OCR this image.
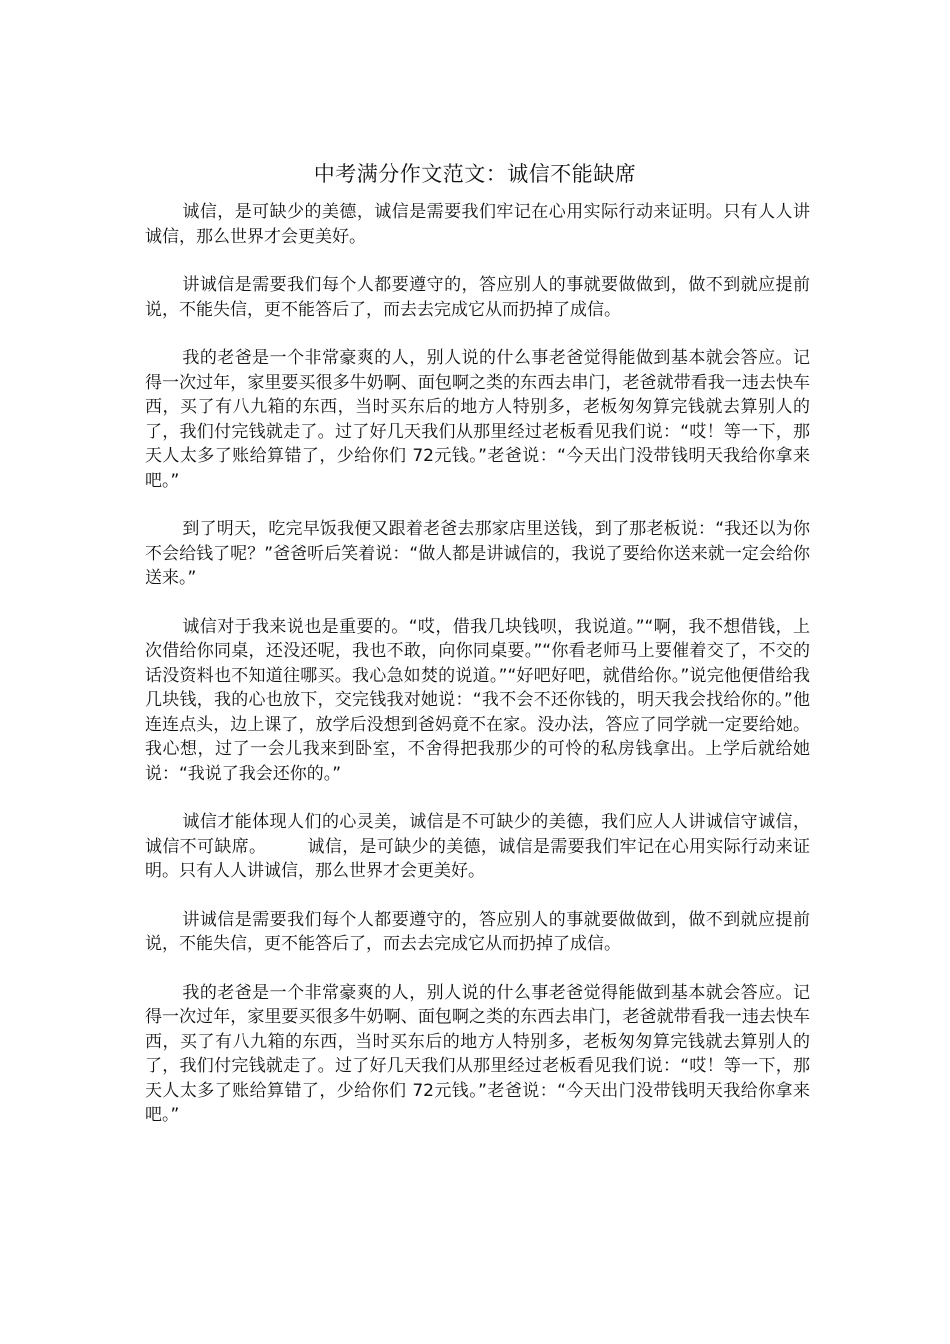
中考满分作文范文：诚信不能缺席

诚信，是可缺少的美德，诚信是需要我们牢记在心用实际行动来证明。只有人人讲诚信，那么世界才会更美好。

讲诚信是需要我们每个人都要遵守的，答应别人的事就要做做到，做不到就应提前说，不能失信，更不能答后了，而去去完成它从而扔掉了成信。

我的老爸是一个非常豪爽的人，别人说的什么事老爸觉得能做到基本就会答应。记得一次过年，家里要买很多牛奶啊、面包啊之类的东西去串门，老爸就带看我一违去快车西，买了有八九箱的东西，当时买东后的地方人特别多，老板匆匆算完钱就去算别人的了，我们付完钱就走了。过了好几天我们从那里经过老板看见我们说：“哎！等一下，那天人太多了账给算错了，少给你们 72元钱。”老爸说：“今天出门没带钱明天我给你拿来吧。”

到了明天，吃完早饭我便又跟着老爸去那家店里送钱，到了那老板说：“我还以为你不会给钱了呢？”爸爸听后笑着说：“做人都是讲诚信的，我说了要给你送来就一定会给你送来。”

诚信对于我来说也是重要的。“哎，借我几块钱呗，我说道。”“啊，我不想借钱，上次借给你同桌，还没还呢，我也不敢，向你同桌要。”“你看老师马上要催着交了，不交的话没资料也不知道往哪买。我心急如焚的说道。”“好吧好吧，就借给你。”说完他便借给我几块钱，我的心也放下，交完钱我对她说：“我不会不还你钱的，明天我会找给你的。”他连连点头，边上课了，放学后没想到爸妈竟不在家。没办法，答应了同学就一定要给她。我心想，过了一会儿我来到卧室，不舍得把我那少的可怜的私房钱拿出。上学后就给她说：“我说了我会还你的。”

诚信才能体现人们的心灵美，诚信是不可缺少的美德，我们应人人讲诚信守诚信，诚信不可缺席。 诚信，是可缺少的美德，诚信是需要我们牢记在心用实际行动来证明。只有人人讲诚信，那么世界才会更美好。

讲诚信是需要我们每个人都要遵守的，答应别人的事就要做做到，做不到就应提前说，不能失信，更不能答后了，而去去完成它从而扔掉了成信。

我的老爸是一个非常豪爽的人，别人说的什么事老爸觉得能做到基本就会答应。记得一次过年，家里要买很多牛奶啊、面包啊之类的东西去串门，老爸就带看我一违去快车西，买了有八九箱的东西，当时买东后的地方人特别多，老板匆匆算完钱就去算别人的了，我们付完钱就走了。过了好几天我们从那里经过老板看见我们说：“哎！等一下，那天人太多了账给算错了，少给你们 72元钱。”老爸说：“今天出门没带钱明天我给你拿来吧。”
